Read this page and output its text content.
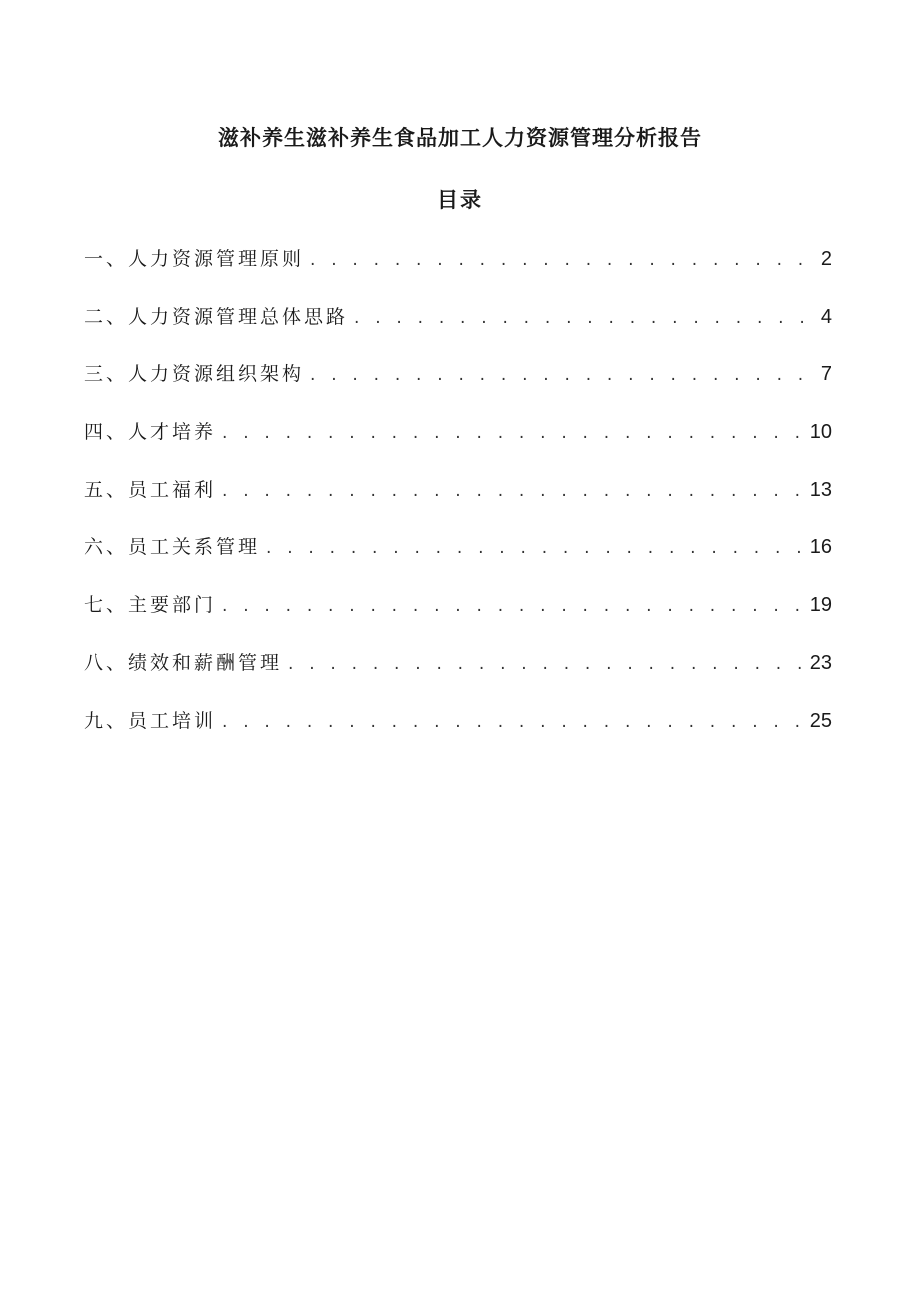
滋补养生滋补养生食品加工人力资源管理分析报告
目录
一、人力资源管理原则 . . .	2
二、人力资源管理总体思路 . . .	4
三、人力资源组织架构 . . .	7
四、人才培养 . . .	10
五、员工福利 . . .	13
六、员工关系管理 . . .	16
七、主要部门 . . .	19
八、绩效和薪酬管理 . . .	23
九、员工培训 . . .	25
